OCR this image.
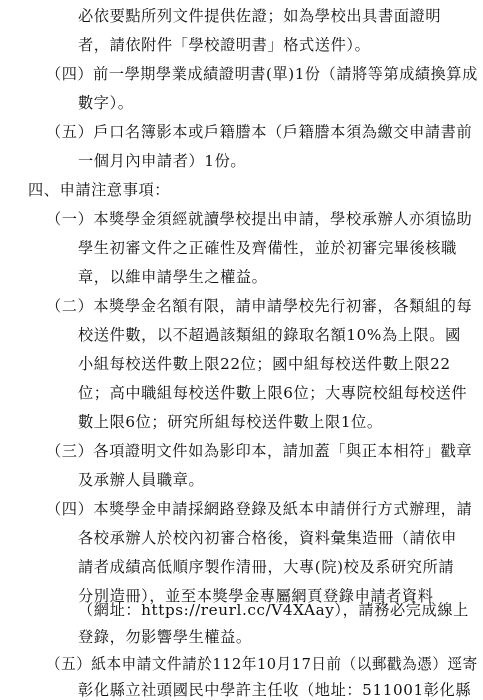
必依要點所列文件提供佐證；如為學校出具書面證明
者，請依附件「學校證明書」格式送件）。
（四）前一學期學業成績證明書(單)1份（請將等第成績換算成
數字）。
（五）戶口名簿影本或戶籍謄本（戶籍謄本須為繳交申請書前
一個月內申請者）1份。
四、申請注意事項：
（一）本獎學金須經就讀學校提出申請，學校承辦人亦須協助
學生初審文件之正確性及齊備性，並於初審完畢後核職
章，以維申請學生之權益。
（二）本獎學金名額有限，請申請學校先行初審，各類組的每
校送件數，以不超過該類組的錄取名額10%為上限。國
小組每校送件數上限22位；國中組每校送件數上限22
位；高中職組每校送件數上限6位；大專院校組每校送件
數上限6位；研究所組每校送件數上限1位。
（三）各項證明文件如為影印本，請加蓋「與正本相符」戳章
及承辦人員職章。
（四）本獎學金申請採網路登錄及紙本申請併行方式辦理，請
各校承辦人於校內初審合格後，資料彙集造冊（請依申
請者成績高低順序製作清冊，大專(院)校及系研究所請
分別造冊），並至本獎學金專屬網頁登錄申請者資料
（網址：https://reurl.cc/V4XAay），請務必完成線上
登錄，勿影響學生權益。
（五）紙本申請文件請於112年10月17日前（以郵戳為憑）逕寄
彰化縣立社頭國民中學許主任收（地址：511001彰化縣
